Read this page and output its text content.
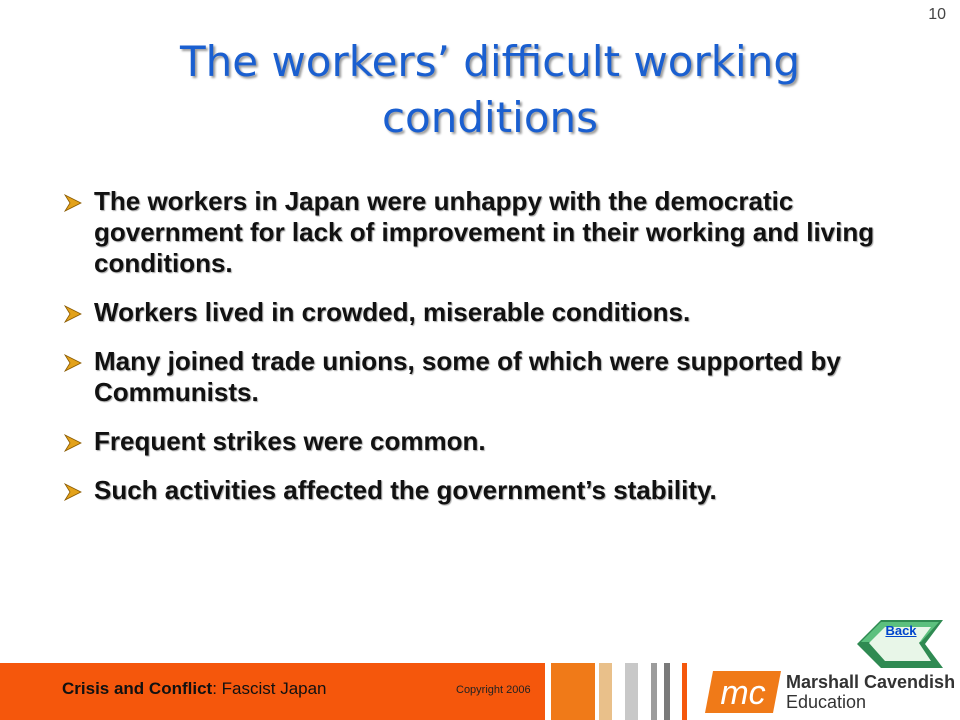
10
The workers’ difficult working conditions
The workers in Japan were unhappy with the democratic government for lack of improvement in their working and living conditions.
Workers lived in crowded, miserable conditions.
Many joined trade unions, some of which were supported by Communists.
Frequent strikes were common.
Such activities affected the government’s stability.
Back
Crisis and Conflict: Fascist Japan	Copyright 2006	mc Marshall Cavendish
Education
